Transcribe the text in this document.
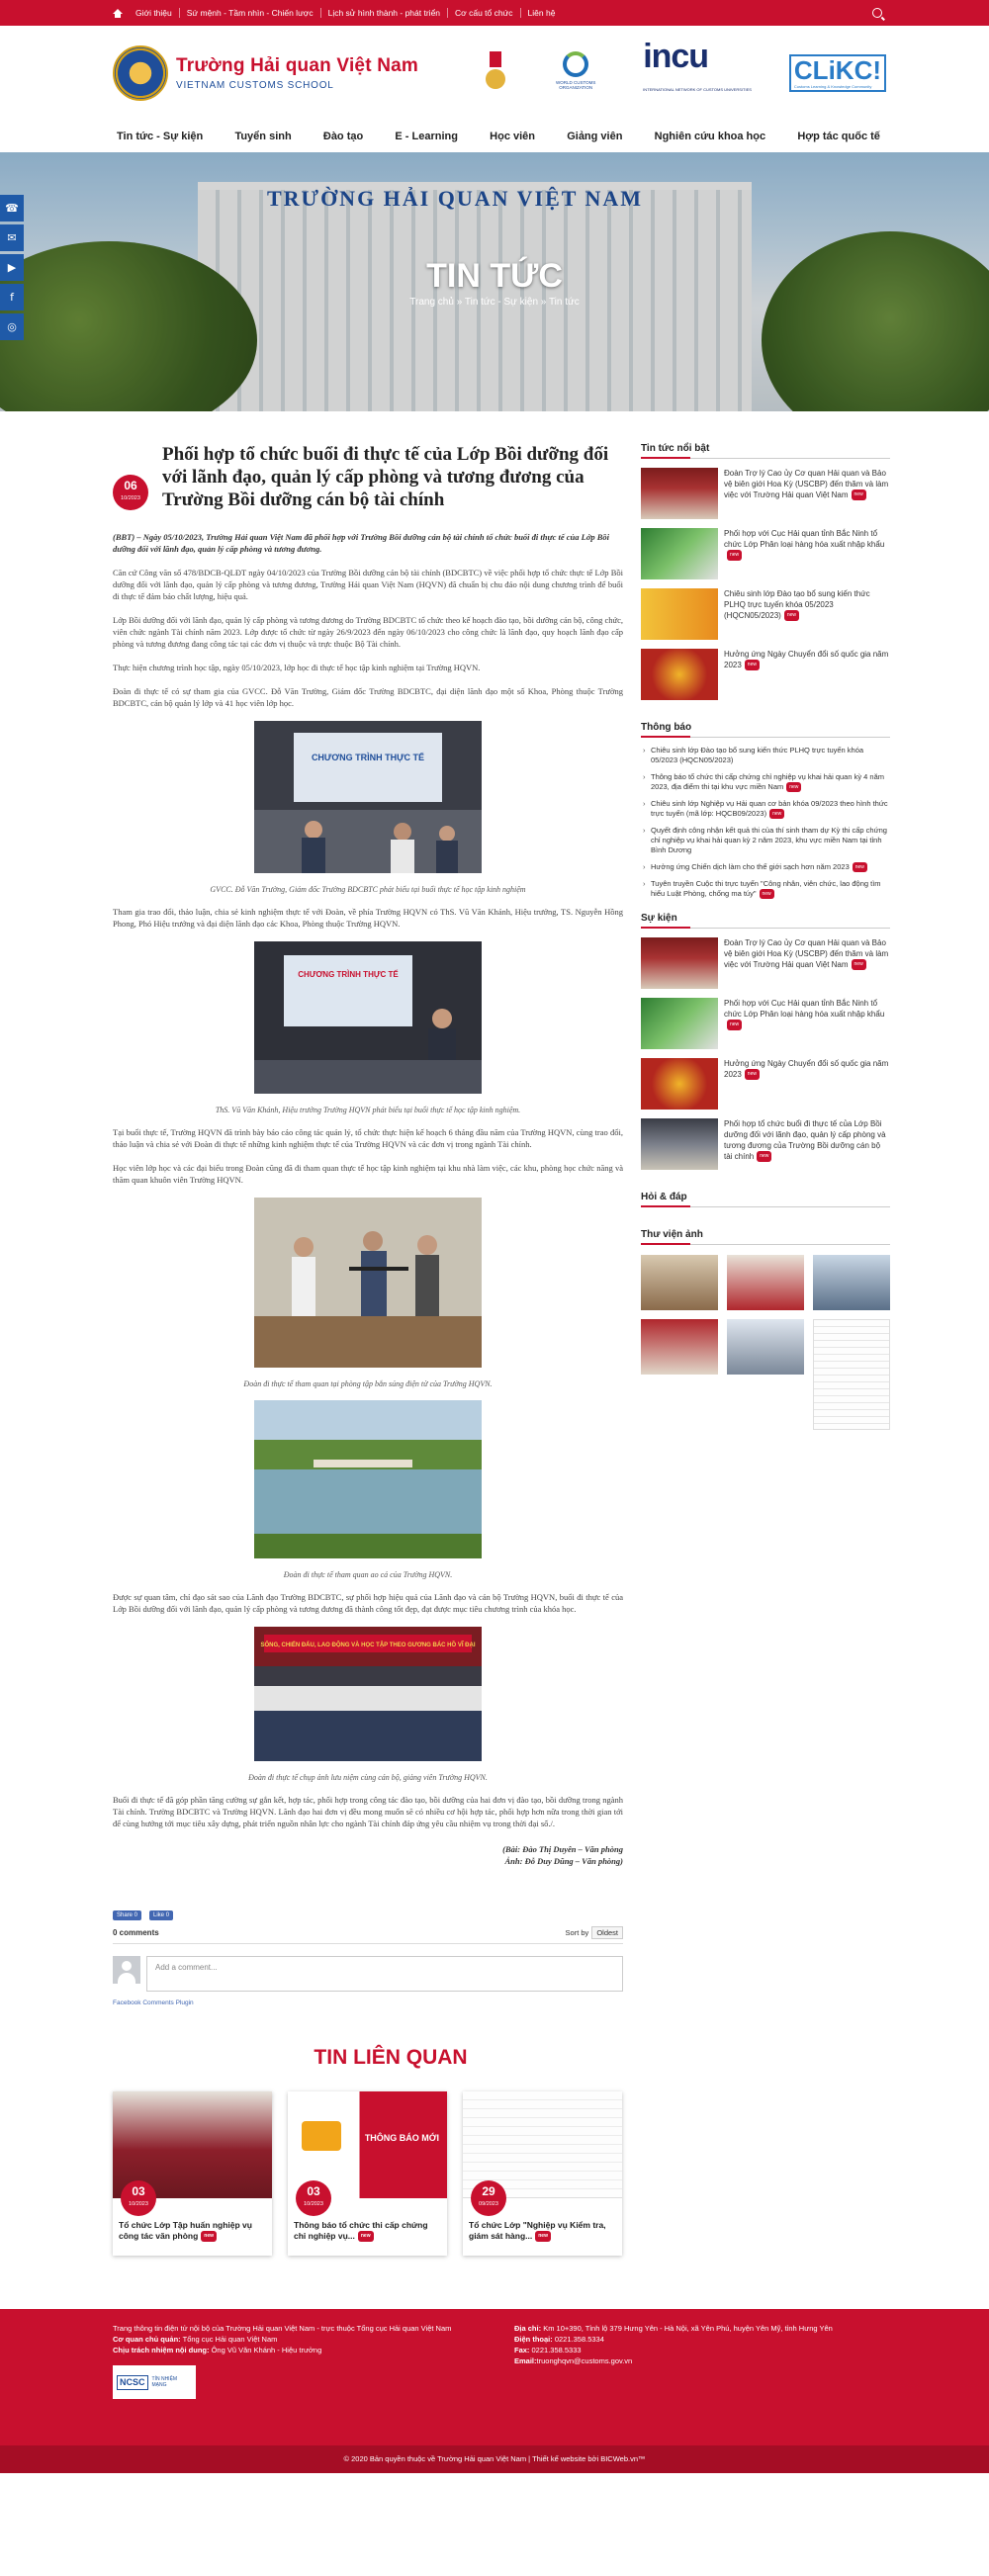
Giới thiệu	Sứ mệnh - Tầm nhìn - Chiến lược	Lịch sử hình thành - phát triển	Cơ cấu tổ chức	Liên hệ
Trường Hải quan Việt Nam
VIETNAM CUSTOMS SCHOOL	WORLD CUSTOMS ORGANIZATION
incu
INTERNATIONAL NETWORK OF CUSTOMS UNIVERSITIES
CLiKC!
Customs Learning & Knowledge Community
Tin tức - Sự kiện	Tuyển sinh	Đào tạo	E - Learning	Học viên	Giảng viên	Nghiên cứu khoa học	Hợp tác quốc tế
TRƯỜNG HẢI QUAN VIỆT NAM
TIN TỨC
Trang chủ » Tin tức - Sự kiện » Tin tức
☎
✉
▶
f
◎
06
10/2023
Phối hợp tổ chức buổi đi thực tế của Lớp Bồi dưỡng đối với lãnh đạo, quản lý cấp phòng và tương đương của Trường Bồi dưỡng cán bộ tài chính

(BBT) – Ngày 05/10/2023, Trường Hải quan Việt Nam đã phối hợp với Trường Bồi dưỡng cán bộ tài chính tổ chức buổi đi thực tế của Lớp Bồi dưỡng đối với lãnh đạo, quản lý cấp phòng và tương đương.

Căn cứ Công văn số 478/BDCB-QLĐT ngày 04/10/2023 của Trường Bồi dưỡng cán bộ tài chính (BDCBTC) về việc phối hợp tổ chức thực tế Lớp Bồi dưỡng đối với lãnh đạo, quản lý cấp phòng và tương đương, Trường Hải quan Việt Nam (HQVN) đã chuẩn bị chu đáo nội dung chương trình để buổi đi thực tế đảm bảo chất lượng, hiệu quả.

Lớp Bồi dưỡng đối với lãnh đạo, quản lý cấp phòng và tương đương do Trường BDCBTC tổ chức theo kế hoạch đào tạo, bồi dưỡng cán bộ, công chức, viên chức ngành Tài chính năm 2023. Lớp được tổ chức từ ngày 26/9/2023 đến ngày 06/10/2023 cho công chức là lãnh đạo, quy hoạch lãnh đạo cấp phòng và tương đương đang công tác tại các đơn vị thuộc và trực thuộc Bộ Tài chính.

Thực hiện chương trình học tập, ngày 05/10/2023, lớp học đi thực tế học tập kinh nghiệm tại Trường HQVN.

Đoàn đi thực tế có sự tham gia của GVCC. Đỗ Văn Trường, Giám đốc Trường BDCBTC, đại diện lãnh đạo một số Khoa, Phòng thuộc Trường BDCBTC, cán bộ quản lý lớp và 41 học viên lớp học.

CHƯƠNG TRÌNH THỰC TẾ

GVCC. Đỗ Văn Trường, Giám đốc Trường BDCBTC phát biểu tại buổi thực tế học tập kinh nghiệm

Tham gia trao đổi, thảo luận, chia sẻ kinh nghiệm thực tế với Đoàn, về phía Trường HQVN có ThS. Vũ Văn Khánh, Hiệu trưởng, TS. Nguyễn Hồng Phong, Phó Hiệu trưởng và đại diện lãnh đạo các Khoa, Phòng thuộc Trường HQVN.

CHƯƠNG TRÌNH THỰC TẾ

ThS. Vũ Văn Khánh, Hiệu trưởng Trường HQVN phát biểu tại buổi thực tế học tập kinh nghiệm.

Tại buổi thực tế, Trường HQVN đã trình bày báo cáo công tác quản lý, tổ chức thực hiện kế hoạch 6 tháng đầu năm của Trường HQVN, cùng trao đổi, thảo luận và chia sẻ với Đoàn đi thực tế những kinh nghiệm thực tế của Trường HQVN và các đơn vị trong ngành Tài chính.

Học viên lớp học và các đại biểu trong Đoàn cũng đã đi tham quan thực tế học tập kinh nghiệm tại khu nhà làm việc, các khu, phòng học chức năng và thăm quan khuôn viên Trường HQVN.

Đoàn đi thực tế tham quan tại phòng tập bắn súng điện tử của Trường HQVN.

Đoàn đi thực tế tham quan ao cá của Trường HQVN.

Được sự quan tâm, chỉ đạo sát sao của Lãnh đạo Trường BDCBTC, sự phối hợp hiệu quả của Lãnh đạo và cán bộ Trường HQVN, buổi đi thực tế của Lớp Bồi dưỡng đối với lãnh đạo, quản lý cấp phòng và tương đương đã thành công tốt đẹp, đạt được mục tiêu chương trình của khóa học.

SỐNG, CHIẾN ĐẤU, LAO ĐỘNG VÀ HỌC TẬP THEO GƯƠNG BÁC HỒ VĨ ĐẠI

Đoàn đi thực tế chụp ảnh lưu niệm cùng cán bộ, giảng viên Trường HQVN.

Buổi đi thực tế đã góp phần tăng cường sự gắn kết, hợp tác, phối hợp trong công tác đào tạo, bồi dưỡng của hai đơn vị đào tạo, bồi dưỡng trong ngành Tài chính. Trường BDCBTC và Trường HQVN. Lãnh đạo hai đơn vị đều mong muốn sẽ có nhiều cơ hội hợp tác, phối hợp hơn nữa trong thời gian tới để cùng hướng tới mục tiêu xây dựng, phát triển nguồn nhân lực cho ngành Tài chính đáp ứng yêu cầu nhiệm vụ trong thời đại số./.

(Bài: Đào Thị Duyên – Văn phòng
Ảnh: Đỗ Duy Dũng – Văn phòng)
Share 0	Like 0
0 comments	Sort by Oldest
Add a comment...
Facebook Comments Plugin
Tin tức nổi bật
Đoàn Trợ lý Cao ủy Cơ quan Hải quan và Bảo vệ biên giới Hoa Kỳ (USCBP) đến thăm và làm việc với Trường Hải quan Việt Nam new
Phối hợp với Cục Hải quan tỉnh Bắc Ninh tổ chức Lớp Phân loại hàng hóa xuất nhập khẩunew
Chiêu sinh lớp Đào tạo bổ sung kiến thức PLHQ trực tuyến khóa 05/2023 (HQCN05/2023) new
Hưởng ứng Ngày Chuyển đổi số quốc gia năm 2023 new
Thông báo
› Chiêu sinh lớp Đào tạo bổ sung kiến thức PLHQ trực tuyến khóa 05/2023 (HQCN05/2023)
› Thông báo tổ chức thi cấp chứng chỉ nghiệp vụ khai hải quan kỳ 4 năm 2023, địa điểm thi tại khu vực miền Nam new
› Chiêu sinh lớp Nghiệp vụ Hải quan cơ bản khóa 09/2023 theo hình thức trực tuyến (mã lớp: HQCB09/2023) new
› Quyết định công nhận kết quả thi của thí sinh tham dự Kỳ thi cấp chứng chỉ nghiệp vụ khai hải quan kỳ 2 năm 2023, khu vực miền Nam tại tỉnh Bình Dương
› Hưởng ứng Chiến dịch làm cho thế giới sạch hơn năm 2023 new
› Tuyên truyền Cuộc thi trực tuyến "Công nhân, viên chức, lao động tìm hiểu Luật Phòng, chống ma túy" new
Sự kiện
Đoàn Trợ lý Cao ủy Cơ quan Hải quan và Bảo vệ biên giới Hoa Kỳ (USCBP) đến thăm và làm việc với Trường Hải quan Việt Nam new
Phối hợp với Cục Hải quan tỉnh Bắc Ninh tổ chức Lớp Phân loại hàng hóa xuất nhập khẩunew
Hưởng ứng Ngày Chuyển đổi số quốc gia năm 2023 new
Phối hợp tổ chức buổi đi thực tế của Lớp Bồi dưỡng đối với lãnh đạo, quản lý cấp phòng và tương đương của Trường Bồi dưỡng cán bộ tài chính new
Hỏi & đáp
Thư viện ảnh
TIN LIÊN QUAN
03
10/2023
Tổ chức Lớp Tập huấn nghiệp vụ công tác văn phòng new
THÔNG BÁO MỚI
03
10/2023
Thông báo tổ chức thi cấp chứng chỉ nghiệp vụ... new
29
09/2023
Tổ chức Lớp "Nghiệp vụ Kiểm tra, giám sát hàng... new
Trang thông tin điện tử nội bộ của Trường Hải quan Việt Nam - trực thuộc Tổng cục Hải quan Việt Nam
Cơ quan chủ quản: Tổng cục Hải quan Việt Nam
Chịu trách nhiệm nội dung: Ông Vũ Văn Khánh - Hiệu trưởng
NCSC	TÍN NHIỆM MẠNG
Địa chỉ: Km 10+390, Tỉnh lộ 379 Hưng Yên - Hà Nội, xã Yên Phú, huyện Yên Mỹ, tỉnh Hưng Yên
Điện thoại: 0221.358.5334
Fax: 0221.358.5333
Email:truonghqvn@customs.gov.vn
© 2020 Bản quyền thuộc về Trường Hải quan Việt Nam | Thiết kế website bởi BICWeb.vn™
